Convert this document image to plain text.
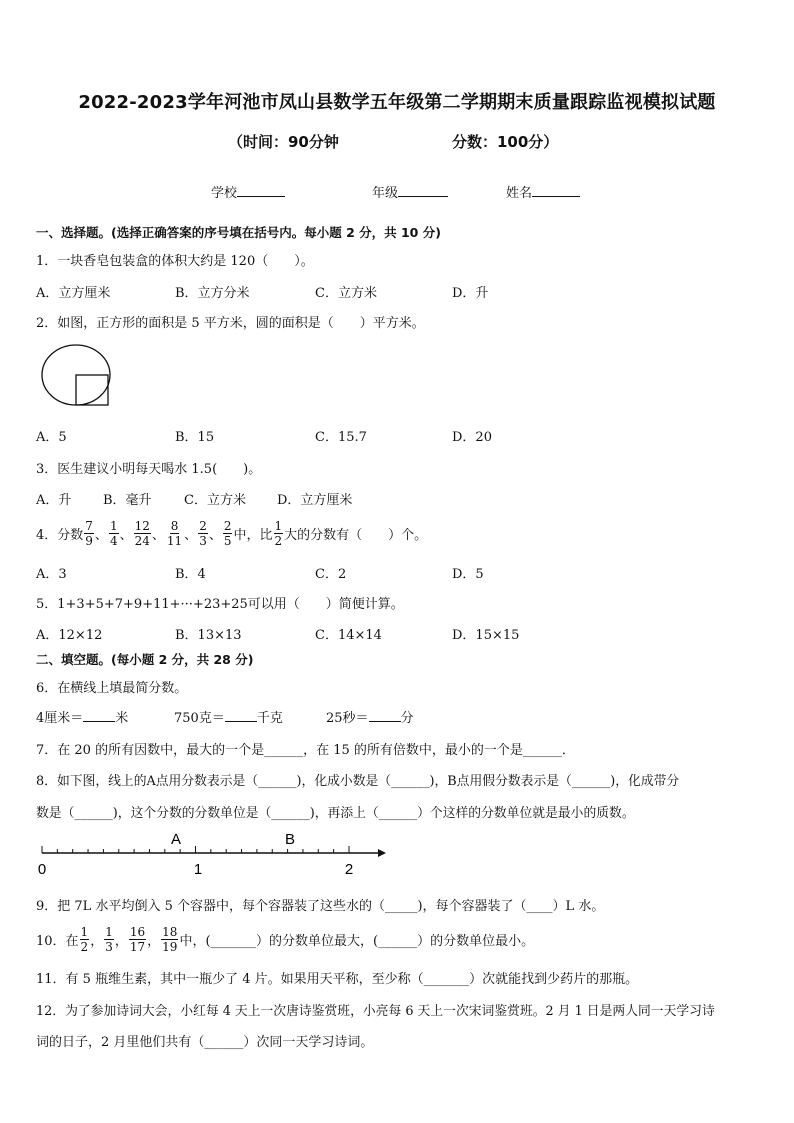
2022-2023学年河池市凤山县数学五年级第二学期期末质量跟踪监视模拟试题
（时间：90分钟	分数：100分）
学校	年级	姓名
一、选择题。(选择正确答案的序号填在括号内。每小题 2 分，共 10 分)
1．一块香皂包装盒的体积大约是 120（　　）。
A．立方厘米	B．立方分米	C．立方米	D．升
2．如图，正方形的面积是 5 平方米，圆的面积是（　　）平方米。
A．5	B．15	C．15.7	D．20
3．医生建议小明每天喝水 1.5(　　)。
A．升 B．毫升 C．立方米 D．立方厘米
4．分数 $\frac{7}{9}$ 、 $\frac{1}{4}$ 、 $\frac{12}{24}$ 、 $\frac{8}{11}$ 、 $\frac{2}{3}$ 、 $\frac{2}{5}$ 中，比 $\frac{1}{2}$ 大的分数有（　　）个。
A．3	B．4	C．2	D．5
5．1+3+5+7+9+11+···+23+25可以用（　　）简便计算。
A．12×12	B．13×13	C．14×14	D．15×15
二、填空题。(每小题 2 分，共 28 分)
6．在横线上填最简分数。
4厘米＝ 米	750克＝ 千克	25秒＝ 分
7．在 20 的所有因数中，最大的一个是______，在 15 的所有倍数中，最小的一个是______．
8．如下图，线上的A点用分数表示是（______)，化成小数是（______)，B点用假分数表示是（______)，化成带分
数是（______)，这个分数的分数单位是（______)，再添上（______）个这样的分数单位就是最小的质数。
0	1	2
A	B
9．把 7L 水平均倒入 5 个容器中，每个容器装了这些水的（_____)，每个容器装了（____）L 水。
10．在 $\frac{1}{2}$ ， $\frac{1}{3}$ ， $\frac{16}{17}$ ， $\frac{18}{19}$ 中，(_______）的分数单位最大，(______）的分数单位最小。
11．有 5 瓶维生素，其中一瓶少了 4 片。如果用天平称，至少称（_______）次就能找到少药片的那瓶。
12．为了参加诗词大会，小红每 4 天上一次唐诗鉴赏班，小亮每 6 天上一次宋词鉴赏班。2 月 1 日是两人同一天学习诗
词的日子，2 月里他们共有（______）次同一天学习诗词。
